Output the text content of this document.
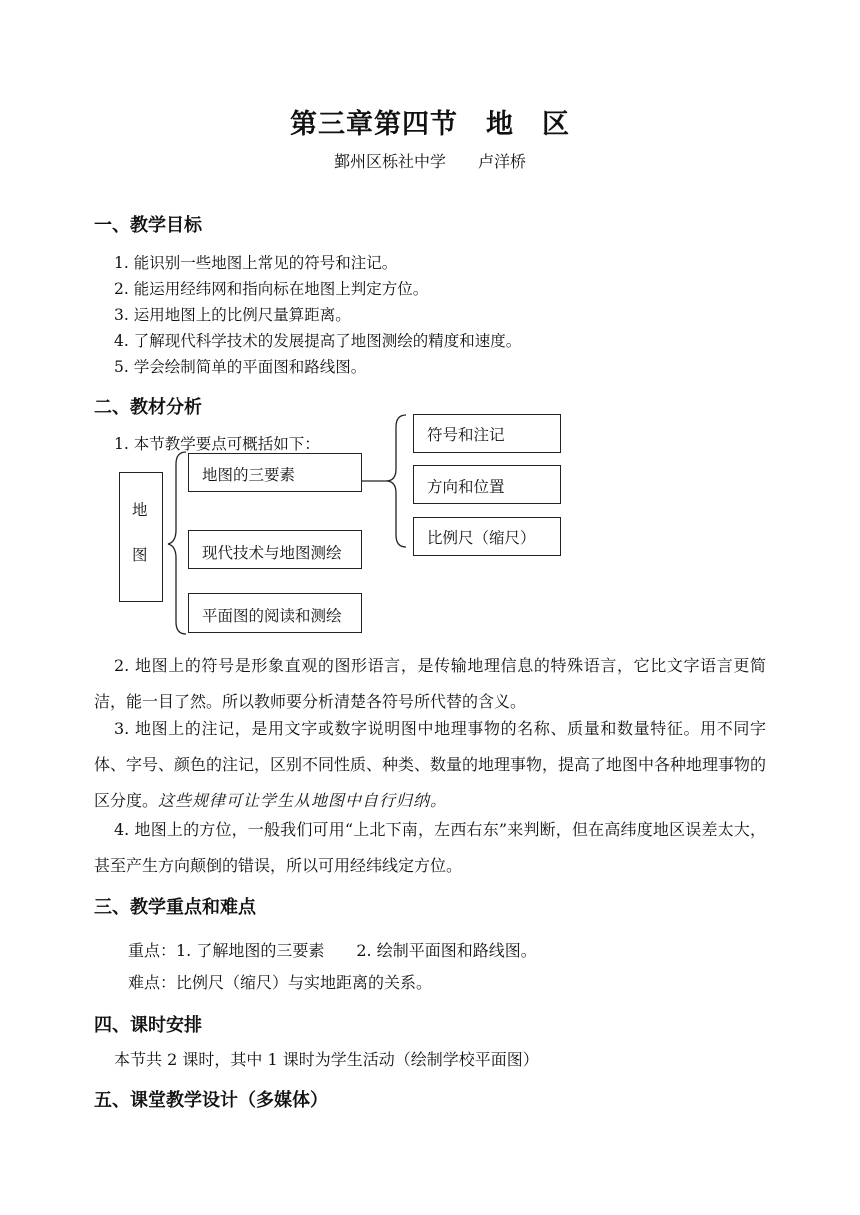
第三章第四节　地　区
鄞州区栎社中学　　卢洋桥
一、教学目标
1. 能识别一些地图上常见的符号和注记。
2. 能运用经纬网和指向标在地图上判定方位。
3. 运用地图上的比例尺量算距离。
4. 了解现代科学技术的发展提高了地图测绘的精度和速度。
5. 学会绘制简单的平面图和路线图。
二、教材分析
1. 本节教学要点可概括如下：
地
图
地图的三要素
现代技术与地图测绘
平面图的阅读和测绘
符号和注记
方向和位置
比例尺（缩尺）
2. 地图上的符号是形象直观的图形语言，是传输地理信息的特殊语言，它比文字语言更简洁，能一目了然。所以教师要分析清楚各符号所代替的含义。
3. 地图上的注记，是用文字或数字说明图中地理事物的名称、质量和数量特征。用不同字体、字号、颜色的注记，区别不同性质、种类、数量的地理事物，提高了地图中各种地理事物的区分度。这些规律可让学生从地图中自行归纳。
4. 地图上的方位，一般我们可用“上北下南，左西右东”来判断，但在高纬度地区误差太大，甚至产生方向颠倒的错误，所以可用经纬线定方位。
三、教学重点和难点
重点：1. 了解地图的三要素　　2. 绘制平面图和路线图。
难点：比例尺（缩尺）与实地距离的关系。
四、课时安排
本节共 2 课时，其中 1 课时为学生活动（绘制学校平面图）
五、课堂教学设计（多媒体）
